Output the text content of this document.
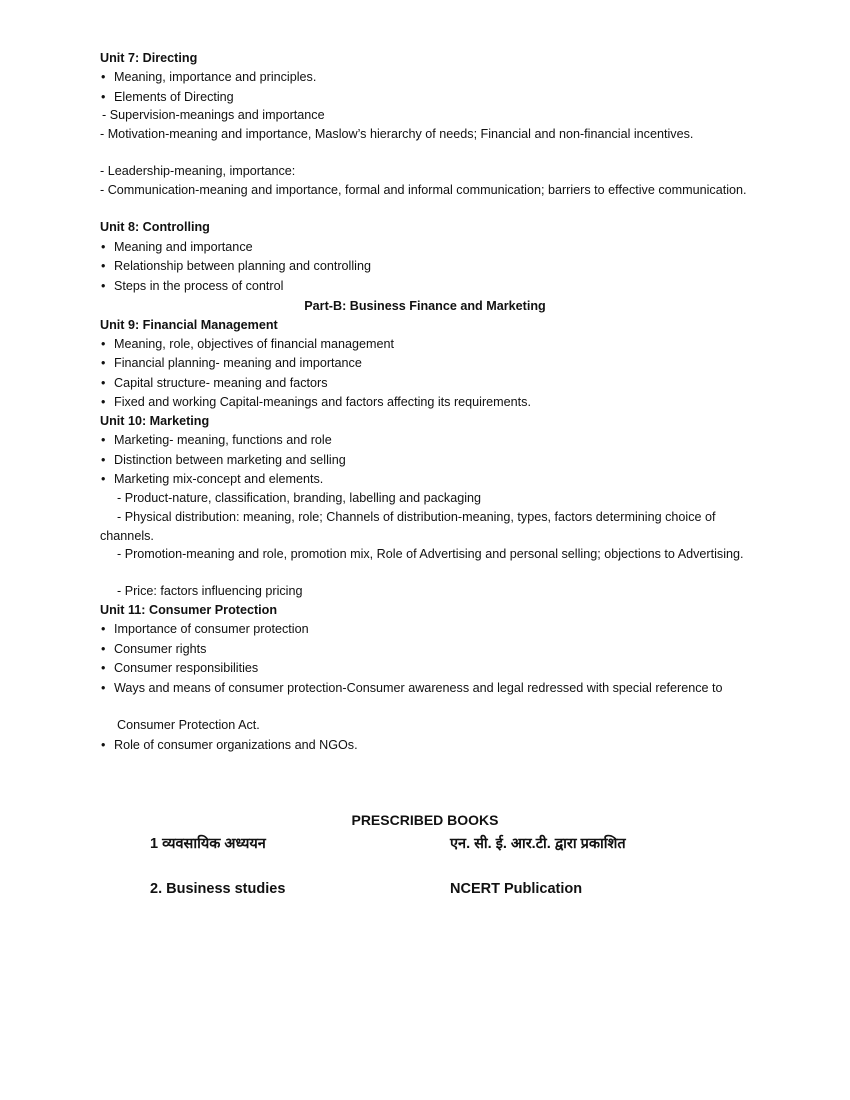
Unit 7: Directing
• Meaning, importance and principles.
• Elements of Directing
- Supervision-meanings and importance
- Motivation-meaning and importance, Maslow’s hierarchy of needs; Financial and non-financial incentives.
- Leadership-meaning, importance:
- Communication-meaning and importance, formal and informal communication; barriers to effective communication.
Unit 8: Controlling
• Meaning and importance
• Relationship between planning and controlling
• Steps in the process of control
Part-B: Business Finance and Marketing
Unit 9: Financial Management
• Meaning, role, objectives of financial management
• Financial planning- meaning and importance
• Capital structure- meaning and factors
• Fixed and working Capital-meanings and factors affecting its requirements.
Unit 10: Marketing
• Marketing- meaning, functions and role
• Distinction between marketing and selling
• Marketing mix-concept and elements.
- Product-nature, classification, branding, labelling and packaging
- Physical distribution: meaning, role; Channels of distribution-meaning, types, factors determining choice of channels.
- Promotion-meaning and role, promotion mix, Role of Advertising and personal selling; objections to Advertising.
- Price: factors influencing pricing
Unit 11: Consumer Protection
• Importance of consumer protection
• Consumer rights
• Consumer responsibilities
• Ways and means of consumer protection-Consumer awareness and legal redressed with special reference to
Consumer Protection Act.
• Role of consumer organizations and NGOs.
PRESCRIBED BOOKS
1 व्यवसायिक अध्ययन	एन. सी. ई. आर.टी. द्वारा प्रकाशित
2. Business studies	NCERT Publication
